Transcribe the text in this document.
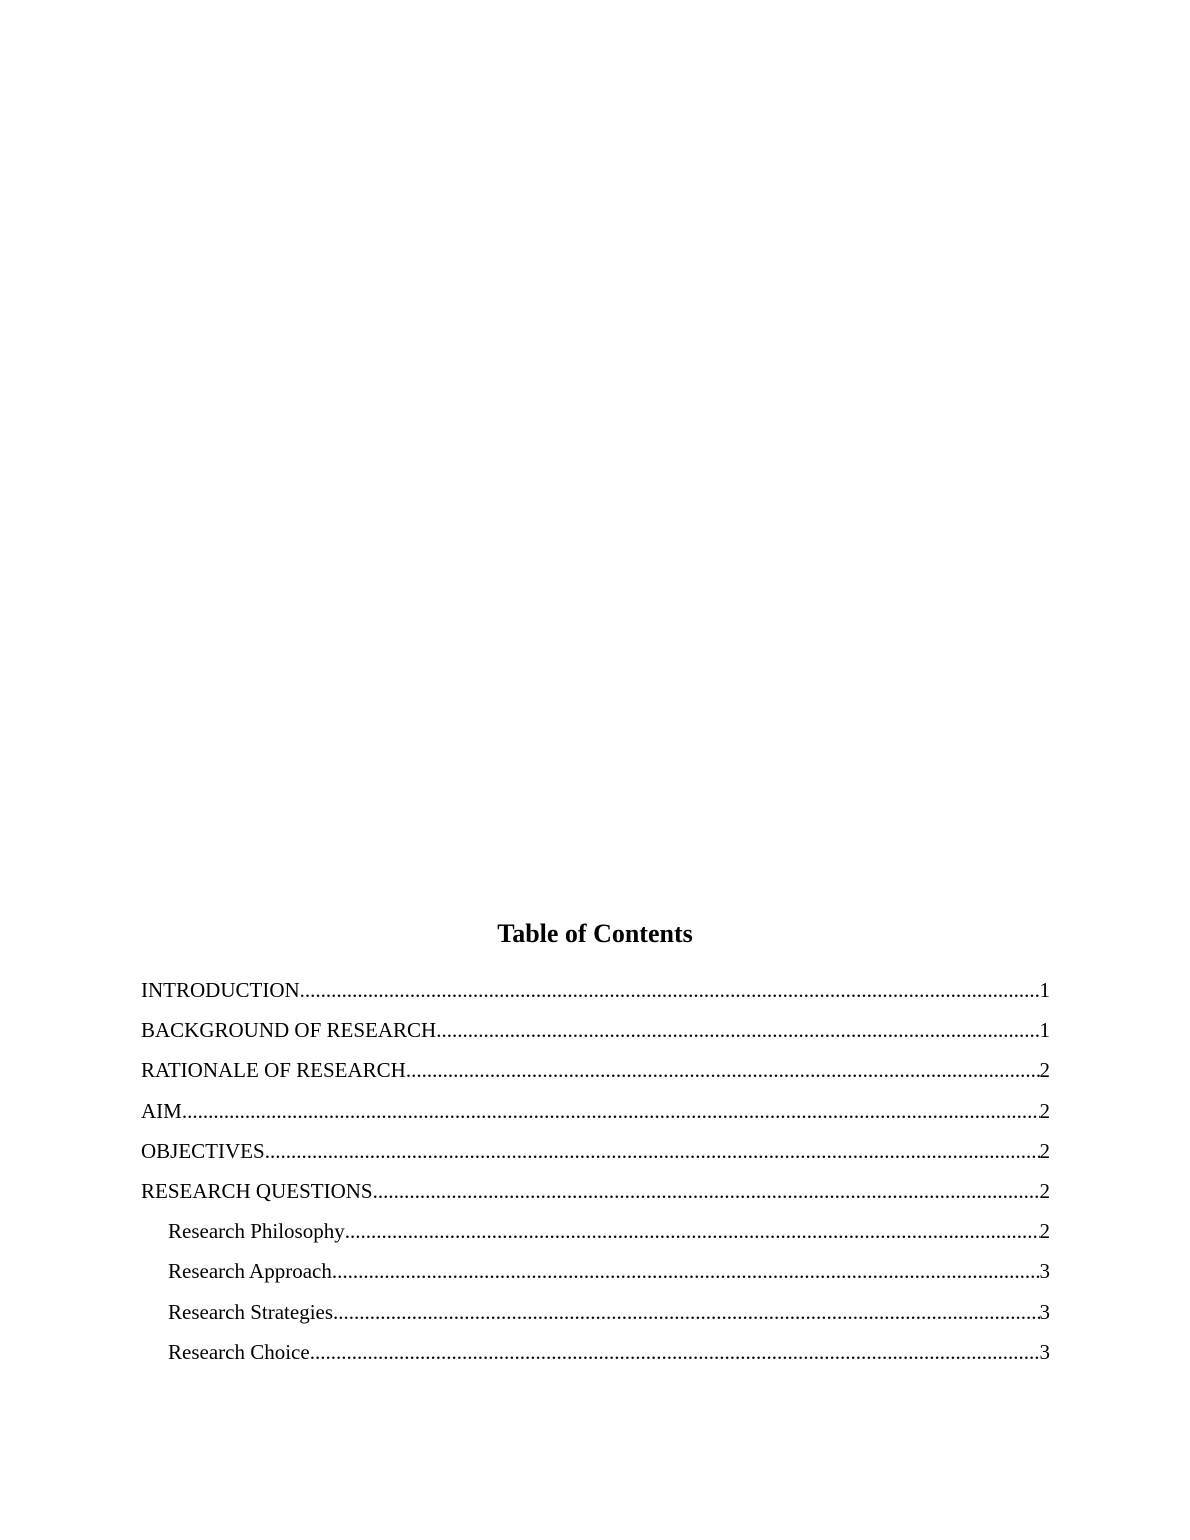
Table of Contents
INTRODUCTION .....	1
BACKGROUND OF RESEARCH .....	1
RATIONALE OF RESEARCH .....	2
AIM .....	2
OBJECTIVES .....	2
RESEARCH QUESTIONS .....	2
Research Philosophy .....	2
Research Approach .....	3
Research Strategies .....	3
Research Choice .....	3
